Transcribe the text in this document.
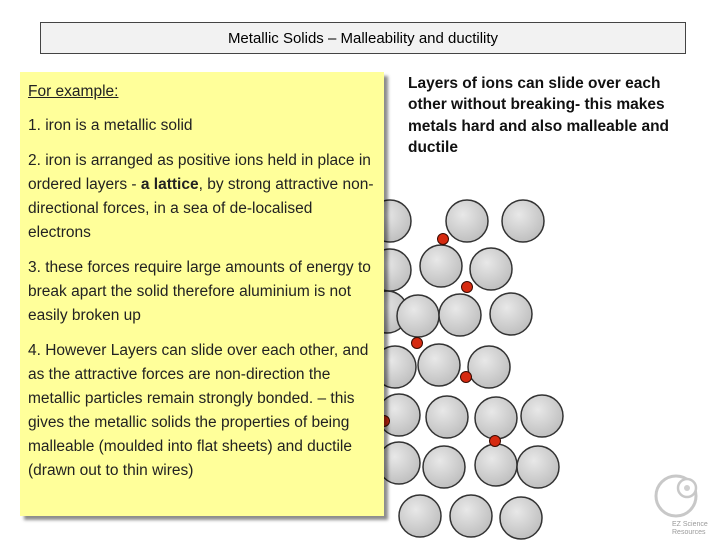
Metallic Solids – Malleability and ductility

For example:

1. iron is a metallic solid

2. iron is arranged as positive ions held in place in ordered layers - a lattice, by strong attractive non-directional forces, in a sea of de-localised electrons

3. these forces require large amounts of energy to break apart the solid therefore aluminium is not easily broken up

4. However Layers can slide over each other, and as the attractive forces are non-direction the metallic particles remain strongly bonded. – this gives the metallic solids the properties of being malleable (moulded into flat sheets) and ductile (drawn out to thin wires)

Layers of ions can slide over each other without breaking- this makes metals hard and also malleable and ductile
EZ Science
Resources
